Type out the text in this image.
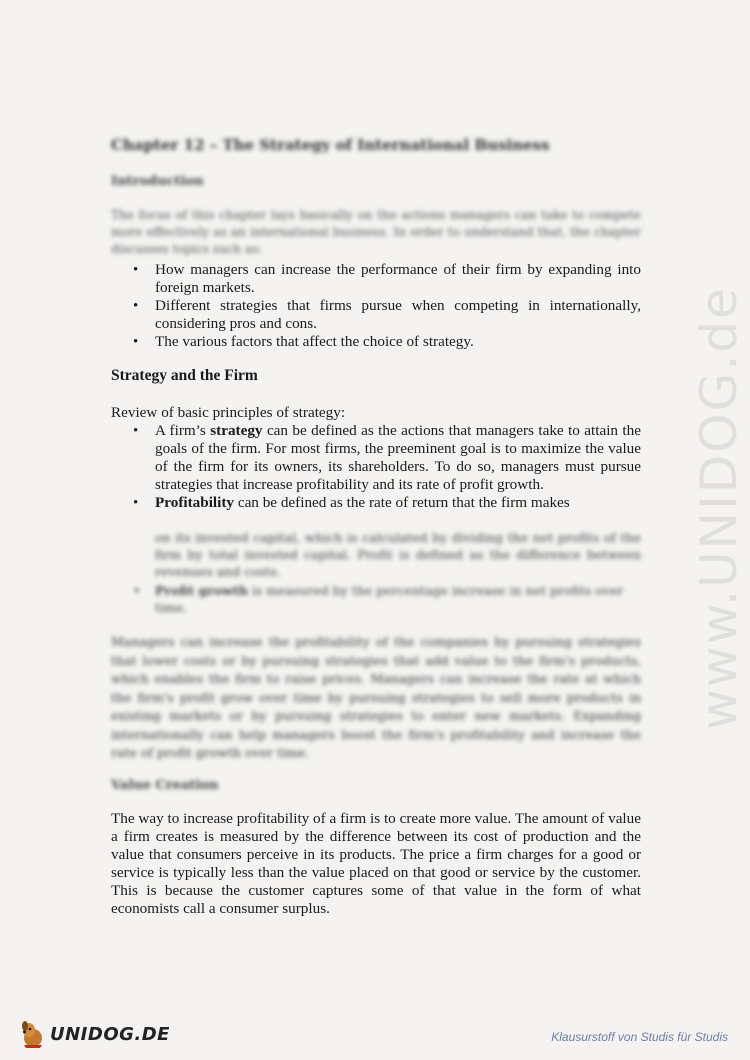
www.UNIDOG.de
Chapter 12 – The Strategy of International Business
Introduction
The focus of this chapter lays basically on the actions managers can take to compete more effectively as an international business. In order to understand that, the chapter discusses topics such as:
• How managers can increase the performance of their firm by expanding into foreign markets.
• Different strategies that firms pursue when competing in internationally, considering pros and cons.
• The various factors that affect the choice of strategy.
Strategy and the Firm
Review of basic principles of strategy:
• A firm’s strategy can be defined as the actions that managers take to attain the goals of the firm. For most firms, the preeminent goal is to maximize the value of the firm for its owners, its shareholders. To do so, managers must pursue strategies that increase profitability and its rate of profit growth.
• Profitability can be defined as the rate of return that the firm makes
on its invested capital, which is calculated by dividing the net profits of the firm by total invested capital. Profit is defined as the difference between revenues and costs.
•	Profit growth is measured by the percentage increase in net profits over time.
Managers can increase the profitability of the companies by pursuing strategies that lower costs or by pursuing strategies that add value to the firm's products, which enables the firm to raise prices. Managers can increase the rate at which the firm's profit grow over time by pursuing strategies to sell more products in existing markets or by pursuing strategies to enter new markets. Expanding internationally can help managers boost the firm's profitability and increase the rate of profit growth over time.
Value Creation
The way to increase profitability of a firm is to create more value. The amount of value a firm creates is measured by the difference between its cost of production and the value that consumers perceive in its products. The price a firm charges for a good or service is typically less than the value placed on that good or service by the customer. This is because the customer captures some of that value in the form of what economists call a consumer surplus.
UNIDOG.DE	Klausurstoff von Studis für Studis
